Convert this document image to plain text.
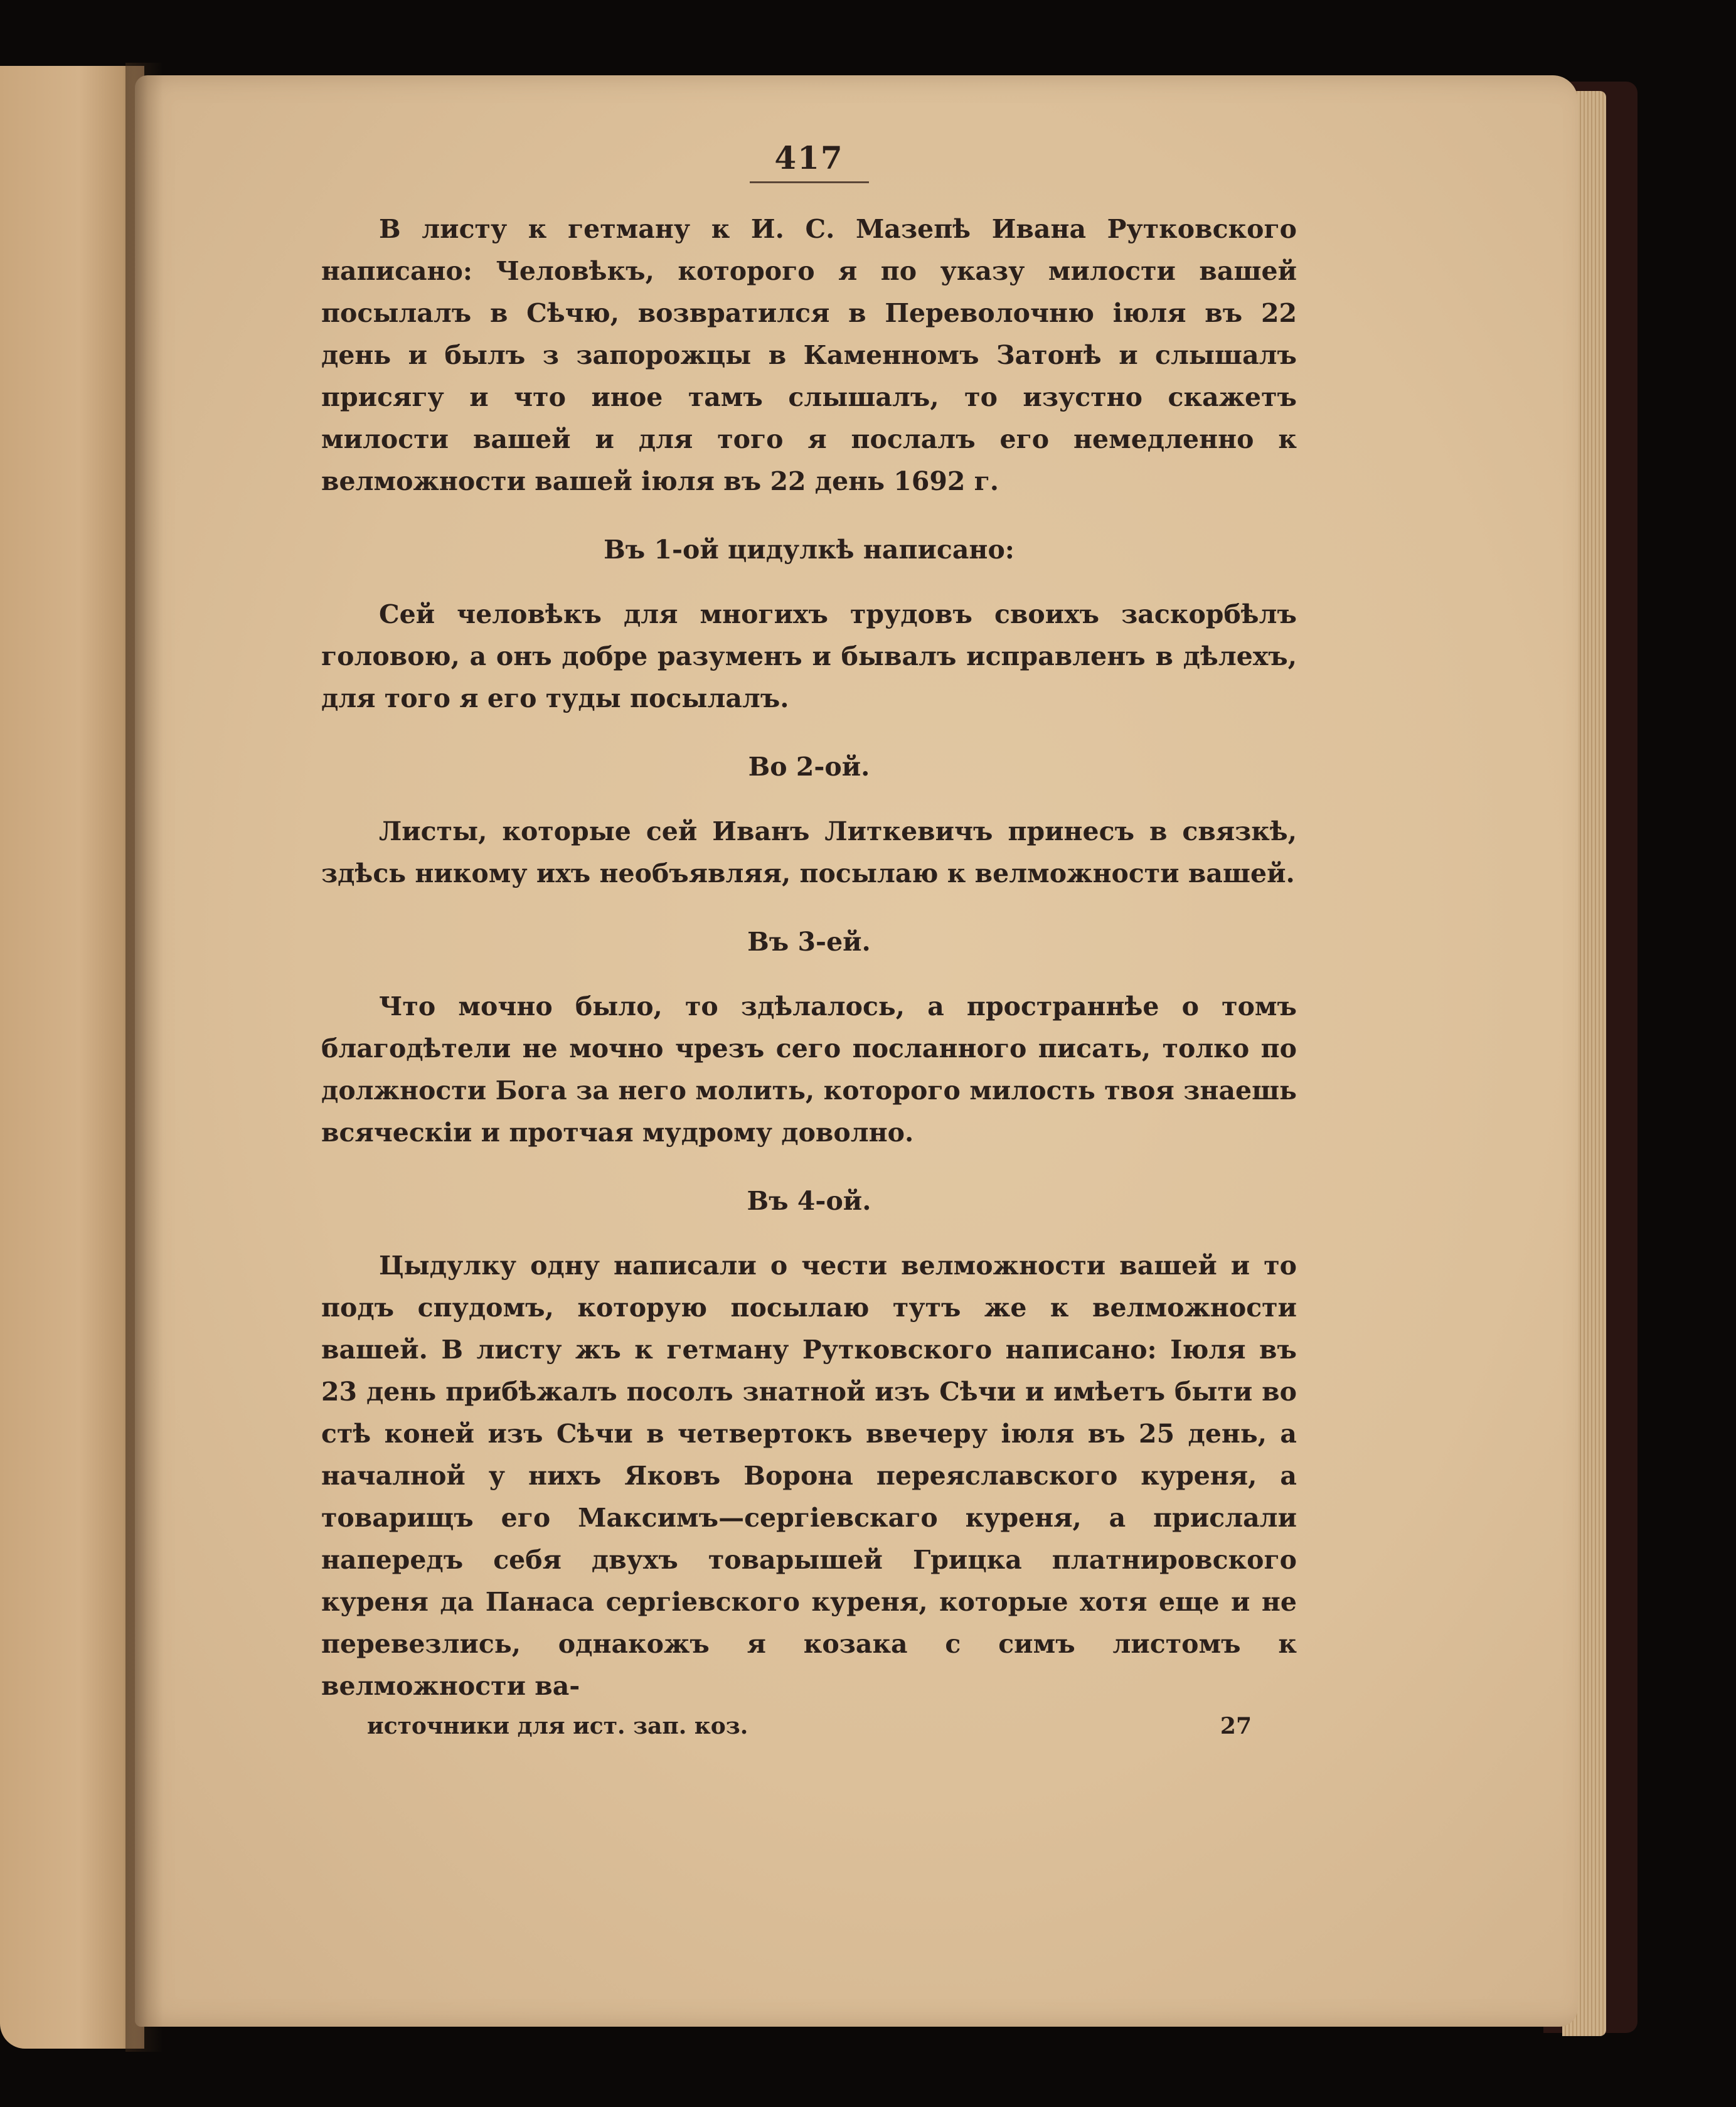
417

В листу к гетману к И. С. Мазепѣ Ивана Рутковского написано: Человѣкъ, которого я по указу милости вашей посылалъ в Сѣчю, возвратился в Переволочню iюля въ 22 день и былъ з запорожцы в Каменномъ Затонѣ и слышалъ присягу и что иное тамъ слышалъ, то изустно скажетъ милости вашей и для того я послалъ его немедленно к велможности вашей iюля въ 22 день 1692 г.

Въ 1-ой цидулкѣ написано:

Сей человѣкъ для многихъ трудовъ своихъ заскорбѣлъ головою, а онъ добре разуменъ и бывалъ исправленъ в дѣлехъ, для того я его туды посылалъ.

Во 2-ой.

Листы, которые сей Иванъ Литкевичъ принесъ в связкѣ, здѣсь никому ихъ необъявляя, посылаю к велможности вашей.

Въ 3-ей.

Что мочно было, то здѣлалось, а пространнѣе о томъ благодѣтели не мочно чрезъ сего посланного писать, толко по должности Бога за него молить, которого милость твоя знаешь всяческiи и протчая мудрому доволно.

Въ 4-ой.

Цыдулку одну написали о чести велможности вашей и то подъ спудомъ, которую посылаю тутъ же к велможности вашей. В листу жъ к гетману Рутковского написано: Iюля въ 23 день прибѣжалъ посолъ знатной изъ Сѣчи и имѣетъ быти во стѣ коней изъ Сѣчи в четвертокъ ввечеру iюля въ 25 день, а началной у нихъ Яковъ Ворона переяславского куреня, а товарищъ его Максимъ—сергiевскаго куреня, а прислали напередъ себя двухъ товарышей Грицка платнировского куреня да Панаса сергiевского куреня, которые хотя еще и не перевезлись, однакожъ я козака с симъ листомъ к велможности ва-

источники для ист. зап. коз.	27
